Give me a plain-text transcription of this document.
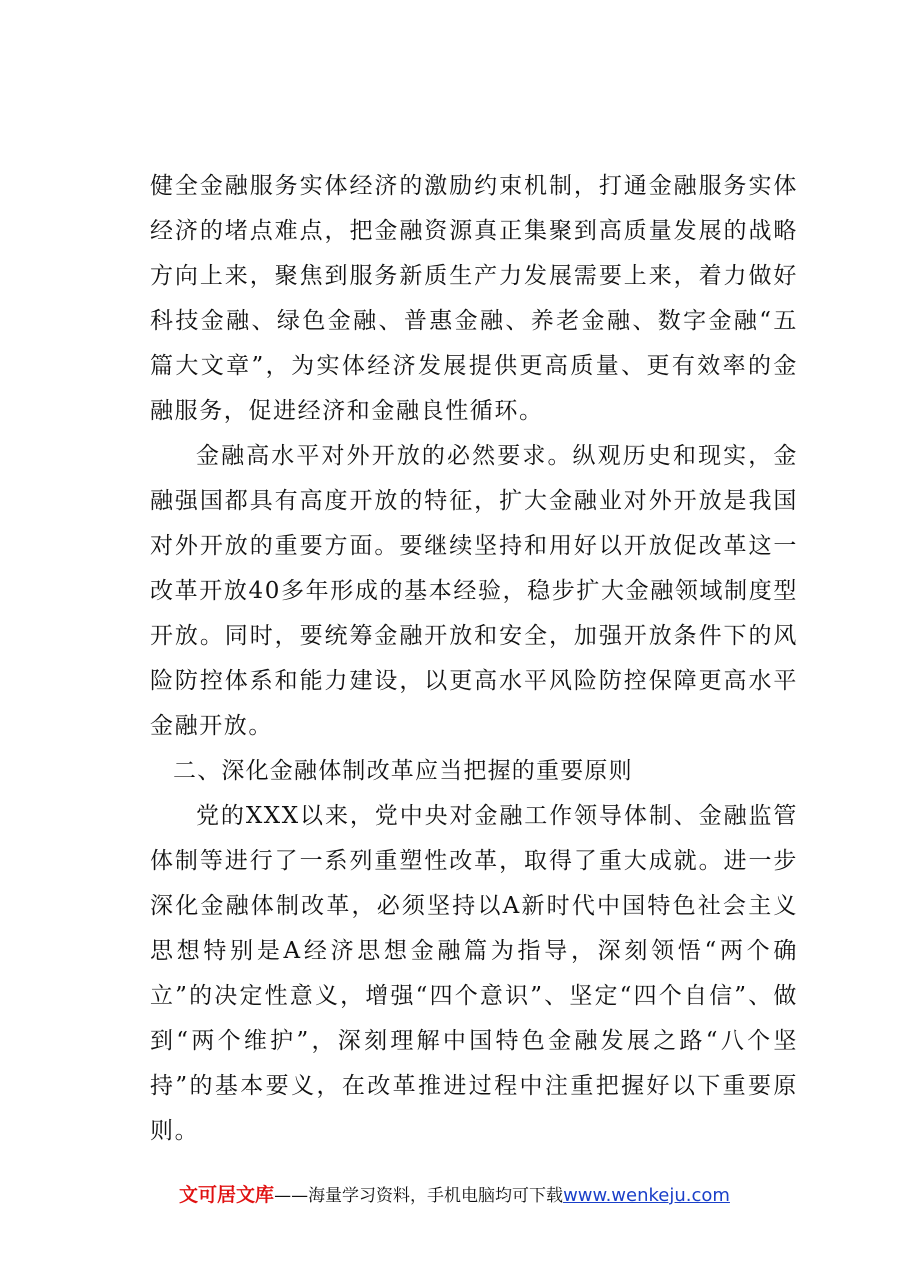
健全金融服务实体经济的激励约束机制，打通金融服务实体经济的堵点难点，把金融资源真正集聚到高质量发展的战略方向上来，聚焦到服务新质生产力发展需要上来，着力做好科技金融、绿色金融、普惠金融、养老金融、数字金融“五篇大文章”，为实体经济发展提供更高质量、更有效率的金融服务，促进经济和金融良性循环。

金融高水平对外开放的必然要求。纵观历史和现实，金融强国都具有高度开放的特征，扩大金融业对外开放是我国对外开放的重要方面。要继续坚持和用好以开放促改革这一改革开放40多年形成的基本经验，稳步扩大金融领域制度型开放。同时，要统筹金融开放和安全，加强开放条件下的风险防控体系和能力建设，以更高水平风险防控保障更高水平金融开放。

二、深化金融体制改革应当把握的重要原则

党的XXX以来，党中央对金融工作领导体制、金融监管体制等进行了一系列重塑性改革，取得了重大成就。进一步深化金融体制改革，必须坚持以A新时代中国特色社会主义思想特别是A经济思想金融篇为指导，深刻领悟“两个确立”的决定性意义，增强“四个意识”、坚定“四个自信”、做到“两个维护”，深刻理解中国特色金融发展之路“八个坚持”的基本要义，在改革推进过程中注重把握好以下重要原则。

文可居文库——海量学习资料，手机电脑均可下载www.wenkeju.com
